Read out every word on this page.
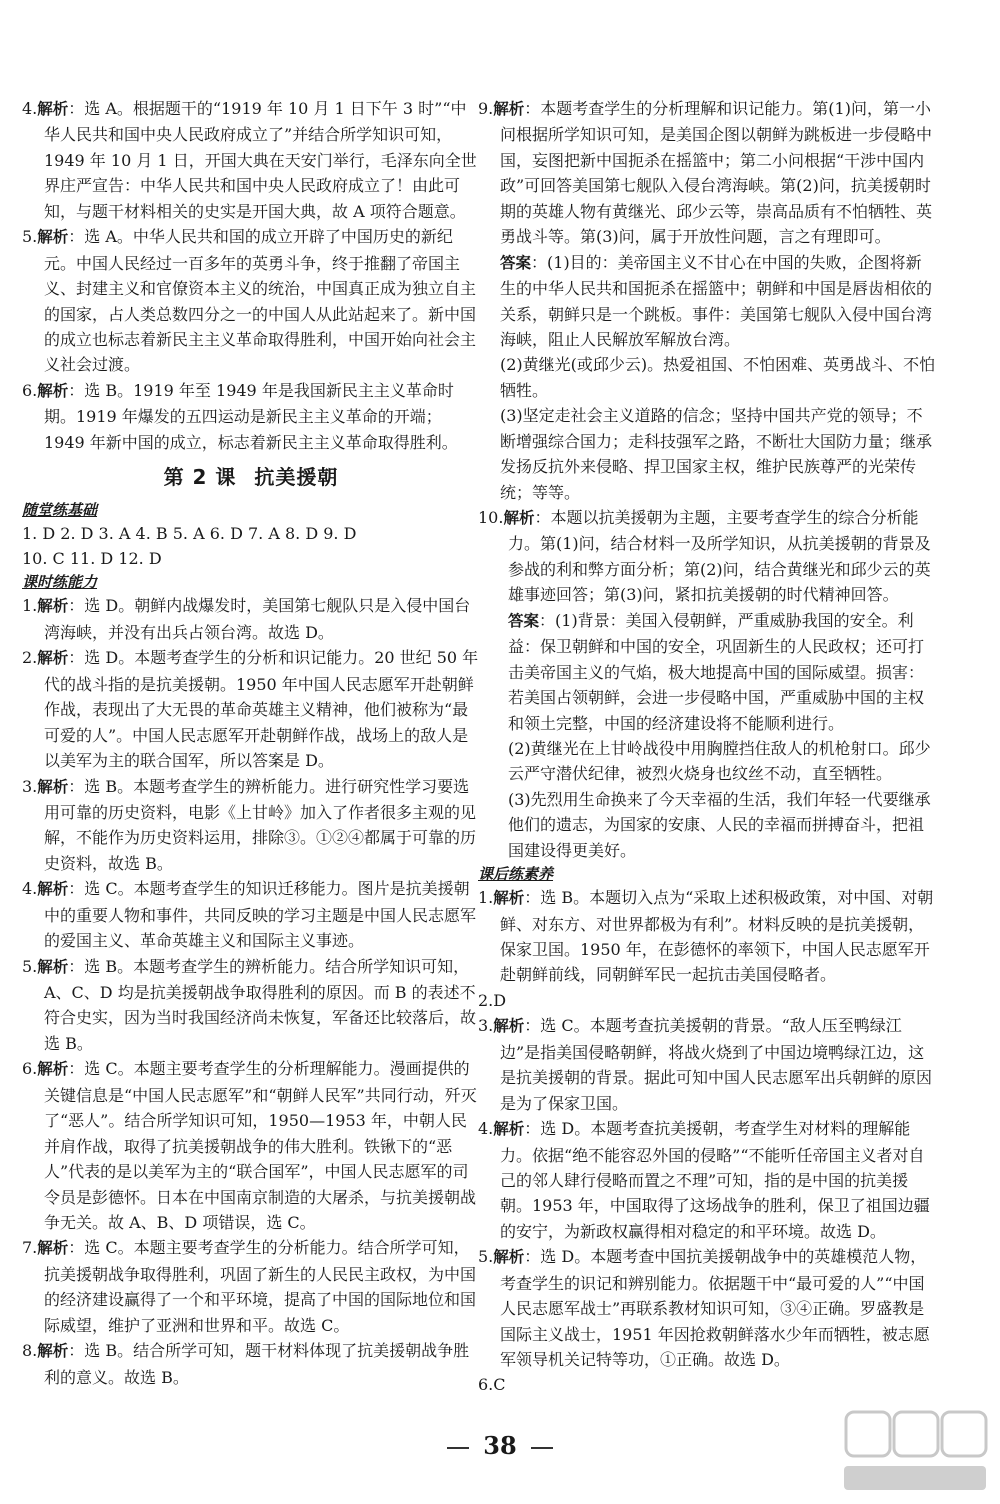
4.解析：选 A。根据题干的“1919 年 10 月 1 日下午 3 时”“中华人民共和国中央人民政府成立了”并结合所学知识可知，1949 年 10 月 1 日，开国大典在天安门举行，毛泽东向全世界庄严宣告：中华人民共和国中央人民政府成立了！由此可知，与题干材料相关的史实是开国大典，故 A 项符合题意。
5.解析：选 A。中华人民共和国的成立开辟了中国历史的新纪元。中国人民经过一百多年的英勇斗争，终于推翻了帝国主义、封建主义和官僚资本主义的统治，中国真正成为独立自主的国家，占人类总数四分之一的中国人从此站起来了。新中国的成立也标志着新民主主义革命取得胜利，中国开始向社会主义社会过渡。
6.解析：选 B。1919 年至 1949 年是我国新民主主义革命时期。1919 年爆发的五四运动是新民主主义革命的开端；1949 年新中国的成立，标志着新民主主义革命取得胜利。
第 2 课 抗美援朝
随堂练基础
1. D 2. D 3. A 4. B 5. A 6. D 7. A 8. D 9. D
10. C 11. D 12. D
课时练能力
1.解析：选 D。朝鲜内战爆发时，美国第七舰队只是入侵中国台湾海峡，并没有出兵占领台湾。故选 D。
2.解析：选 D。本题考查学生的分析和识记能力。20 世纪 50 年代的战斗指的是抗美援朝。1950 年中国人民志愿军开赴朝鲜作战，表现出了大无畏的革命英雄主义精神，他们被称为“最可爱的人”。中国人民志愿军开赴朝鲜作战，战场上的敌人是以美军为主的联合国军，所以答案是 D。
3.解析：选 B。本题考查学生的辨析能力。进行研究性学习要选用可靠的历史资料，电影《上甘岭》加入了作者很多主观的见解，不能作为历史资料运用，排除③。①②④都属于可靠的历史资料，故选 B。
4.解析：选 C。本题考查学生的知识迁移能力。图片是抗美援朝中的重要人物和事件，共同反映的学习主题是中国人民志愿军的爱国主义、革命英雄主义和国际主义事迹。
5.解析：选 B。本题考查学生的辨析能力。结合所学知识可知，A、C、D 均是抗美援朝战争取得胜利的原因。而 B 的表述不符合史实，因为当时我国经济尚未恢复，军备还比较落后，故选 B。
6.解析：选 C。本题主要考查学生的分析理解能力。漫画提供的关键信息是“中国人民志愿军”和“朝鲜人民军”共同行动，歼灭了“恶人”。结合所学知识可知，1950—1953 年，中朝人民并肩作战，取得了抗美援朝战争的伟大胜利。铁锹下的“恶人”代表的是以美军为主的“联合国军”，中国人民志愿军的司令员是彭德怀。日本在中国南京制造的大屠杀，与抗美援朝战争无关。故 A、B、D 项错误，选 C。
7.解析：选 C。本题主要考查学生的分析能力。结合所学可知，抗美援朝战争取得胜利，巩固了新生的人民民主政权，为中国的经济建设赢得了一个和平环境，提高了中国的国际地位和国际威望，维护了亚洲和世界和平。故选 C。
8.解析：选 B。结合所学可知，题干材料体现了抗美援朝战争胜利的意义。故选 B。
9.解析：本题考查学生的分析理解和识记能力。第(1)问，第一小问根据所学知识可知，是美国企图以朝鲜为跳板进一步侵略中国，妄图把新中国扼杀在摇篮中；第二小问根据“干涉中国内政”可回答美国第七舰队入侵台湾海峡。第(2)问，抗美援朝时期的英雄人物有黄继光、邱少云等，崇高品质有不怕牺牲、英勇战斗等。第(3)问，属于开放性问题，言之有理即可。
答案：(1)目的：美帝国主义不甘心在中国的失败，企图将新生的中华人民共和国扼杀在摇篮中；朝鲜和中国是唇齿相依的关系，朝鲜只是一个跳板。事件：美国第七舰队入侵中国台湾海峡，阻止人民解放军解放台湾。
(2)黄继光(或邱少云)。热爱祖国、不怕困难、英勇战斗、不怕牺牲。
(3)坚定走社会主义道路的信念；坚持中国共产党的领导；不断增强综合国力；走科技强军之路，不断壮大国防力量；继承发扬反抗外来侵略、捍卫国家主权，维护民族尊严的光荣传统；等等。
10.解析：本题以抗美援朝为主题，主要考查学生的综合分析能力。第(1)问，结合材料一及所学知识，从抗美援朝的背景及参战的利和弊方面分析；第(2)问，结合黄继光和邱少云的英雄事迹回答；第(3)问，紧扣抗美援朝的时代精神回答。
答案：(1)背景：美国入侵朝鲜，严重威胁我国的安全。利益：保卫朝鲜和中国的安全，巩固新生的人民政权；还可打击美帝国主义的气焰，极大地提高中国的国际威望。损害：若美国占领朝鲜，会进一步侵略中国，严重威胁中国的主权和领土完整，中国的经济建设将不能顺利进行。
(2)黄继光在上甘岭战役中用胸膛挡住敌人的机枪射口。邱少云严守潜伏纪律，被烈火烧身也纹丝不动，直至牺牲。
(3)先烈用生命换来了今天幸福的生活，我们年轻一代要继承他们的遗志，为国家的安康、人民的幸福而拼搏奋斗，把祖国建设得更美好。
课后练素养
1.解析：选 B。本题切入点为“采取上述积极政策，对中国、对朝鲜、对东方、对世界都极为有利”。材料反映的是抗美援朝，保家卫国。1950 年，在彭德怀的率领下，中国人民志愿军开赴朝鲜前线，同朝鲜军民一起抗击美国侵略者。
2.D
3.解析：选 C。本题考查抗美援朝的背景。“敌人压至鸭绿江边”是指美国侵略朝鲜，将战火烧到了中国边境鸭绿江边，这是抗美援朝的背景。据此可知中国人民志愿军出兵朝鲜的原因是为了保家卫国。
4.解析：选 D。本题考查抗美援朝，考查学生对材料的理解能力。依据“绝不能容忍外国的侵略”“不能听任帝国主义者对自己的邻人肆行侵略而置之不理”可知，指的是中国的抗美援朝。1953 年，中国取得了这场战争的胜利，保卫了祖国边疆的安宁，为新政权赢得相对稳定的和平环境。故选 D。
5.解析：选 D。本题考查中国抗美援朝战争中的英雄模范人物，考查学生的识记和辨别能力。依据题干中“最可爱的人”“中国人民志愿军战士”再联系教材知识可知，③④正确。罗盛教是国际主义战士，1951 年因抢救朝鲜落水少年而牺牲，被志愿军领导机关记特等功，①正确。故选 D。
6.C
38
